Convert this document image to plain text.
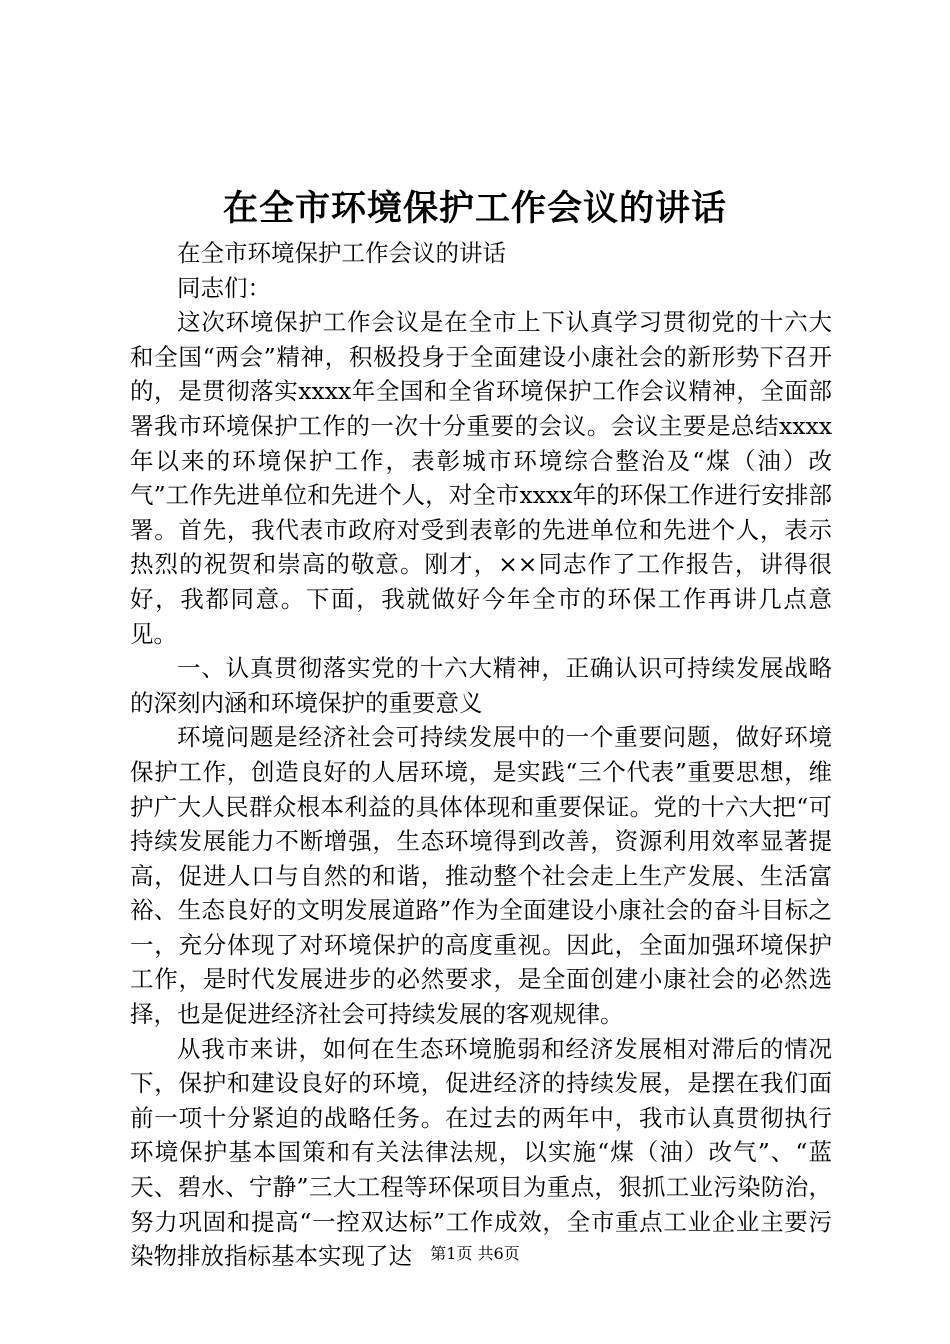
在全市环境保护工作会议的讲话

在全市环境保护工作会议的讲话

同志们：

这次环境保护工作会议是在全市上下认真学习贯彻党的十六大和全国“两会”精神，积极投身于全面建设小康社会的新形势下召开的，是贯彻落实xxxx年全国和全省环境保护工作会议精神，全面部署我市环境保护工作的一次十分重要的会议。会议主要是总结xxxx年以来的环境保护工作，表彰城市环境综合整治及“煤（油）改气”工作先进单位和先进个人，对全市xxxx年的环保工作进行安排部署。首先，我代表市政府对受到表彰的先进单位和先进个人，表示热烈的祝贺和崇高的敬意。刚才，××同志作了工作报告，讲得很好，我都同意。下面，我就做好今年全市的环保工作再讲几点意见。

一、认真贯彻落实党的十六大精神，正确认识可持续发展战略的深刻内涵和环境保护的重要意义

环境问题是经济社会可持续发展中的一个重要问题，做好环境保护工作，创造良好的人居环境，是实践“三个代表”重要思想，维护广大人民群众根本利益的具体体现和重要保证。党的十六大把“可持续发展能力不断增强，生态环境得到改善，资源利用效率显著提高，促进人口与自然的和谐，推动整个社会走上生产发展、生活富裕、生态良好的文明发展道路”作为全面建设小康社会的奋斗目标之一，充分体现了对环境保护的高度重视。因此，全面加强环境保护工作，是时代发展进步的必然要求，是全面创建小康社会的必然选择，也是促进经济社会可持续发展的客观规律。

从我市来讲，如何在生态环境脆弱和经济发展相对滞后的情况下，保护和建设良好的环境，促进经济的持续发展，是摆在我们面前一项十分紧迫的战略任务。在过去的两年中，我市认真贯彻执行环境保护基本国策和有关法律法规，以实施“煤（油）改气”、“蓝天、碧水、宁静”三大工程等环保项目为重点，狠抓工业污染防治，努力巩固和提高“一控双达标”工作成效，全市重点工业企业主要污染物排放指标基本实现了达	第1页 共6页
